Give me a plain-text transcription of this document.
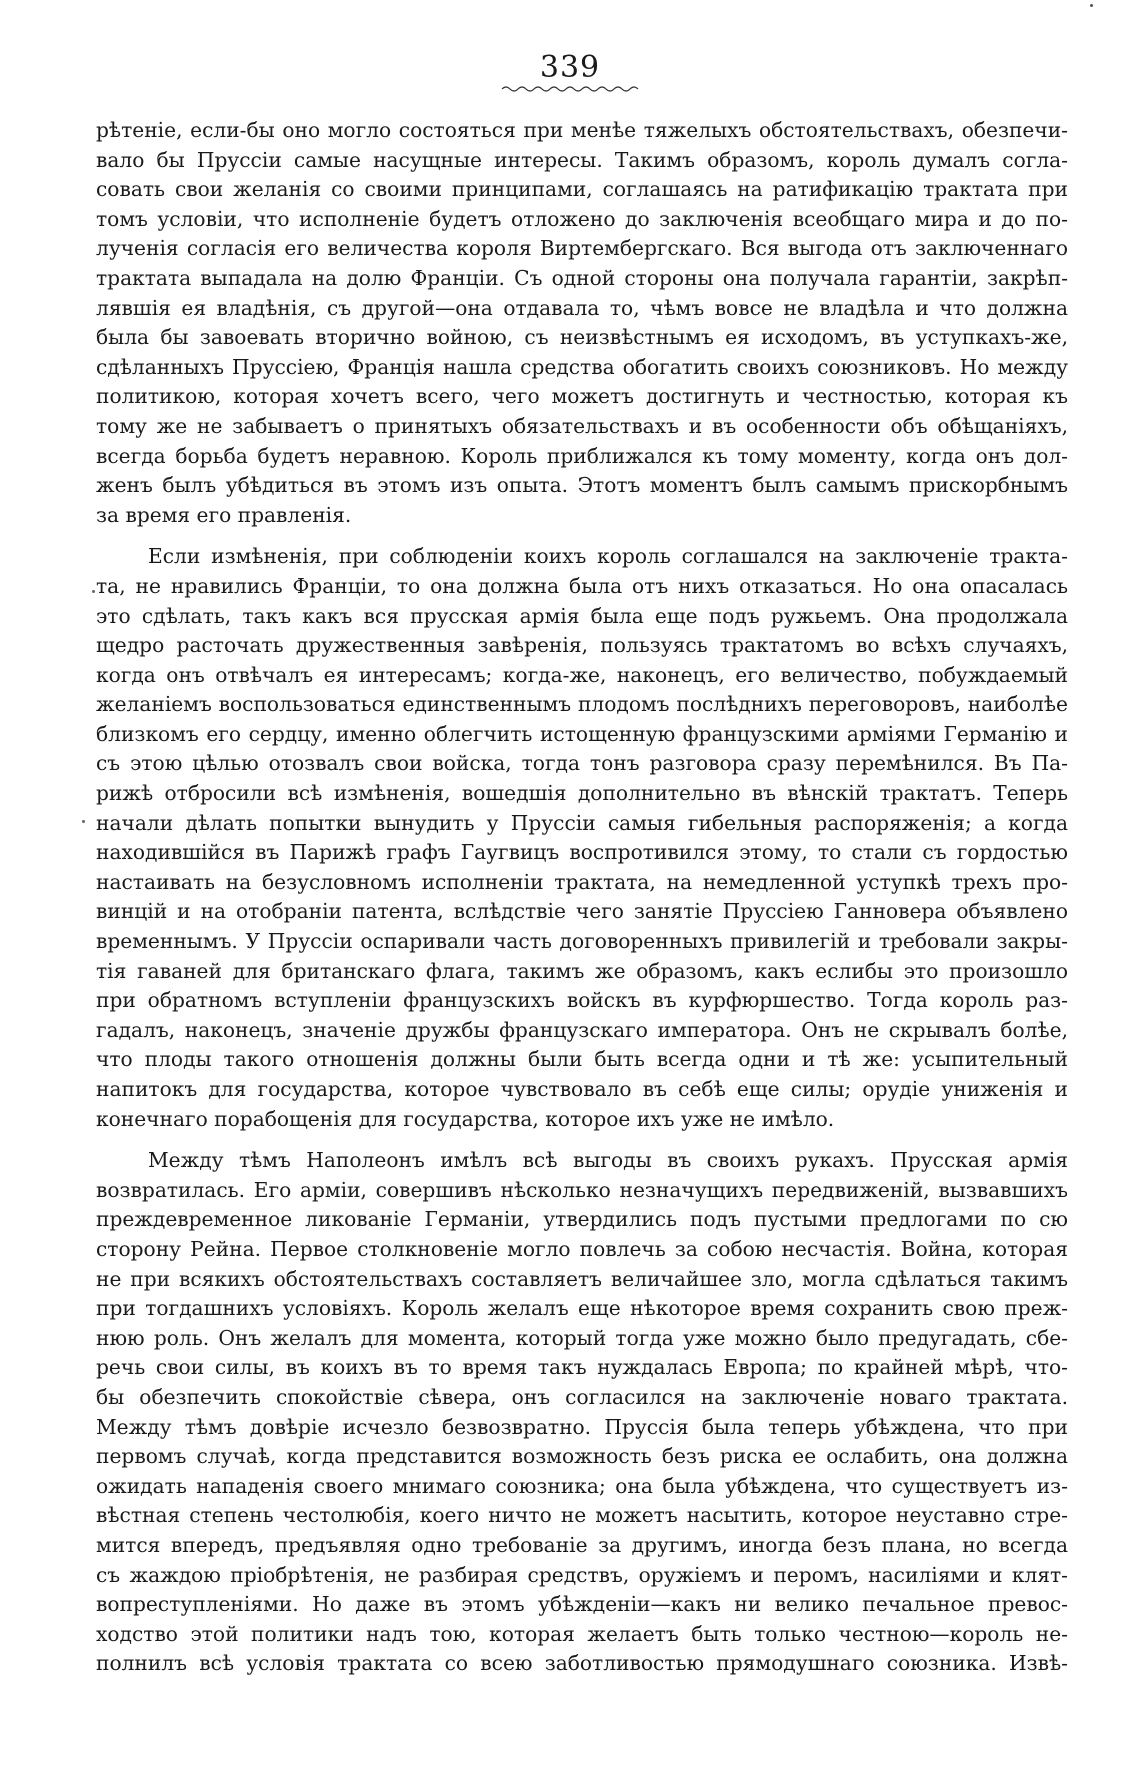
339

рѣтеніе, если-бы оно могло состояться при менѣе тяжелыхъ обстоятельствахъ, обезпечи-
вало бы Пруссіи самые насущные интересы. Такимъ образомъ, король думалъ согла-
совать свои желанія со своими принципами, соглашаясь на ратификацію трактата при
томъ условіи, что исполненіе будетъ отложено до заключенія всеобщаго мира и до по-
лученія согласія его величества короля Виртембергскаго. Вся выгода отъ заключеннаго
трактата выпадала на долю Франціи. Съ одной стороны она получала гарантіи, закрѣп-
лявшія ея владѣнія, съ другой—она отдавала то, чѣмъ вовсе не владѣла и что должна
была бы завоевать вторично войною, съ неизвѣстнымъ ея исходомъ, въ уступкахъ-же,
сдѣланныхъ Пруссіею, Франція нашла средства обогатить своихъ союзниковъ. Но между
политикою, которая хочетъ всего, чего можетъ достигнуть и честностью, которая къ
тому же не забываетъ о принятыхъ обязательствахъ и въ особенности объ обѣщаніяхъ,
всегда борьба будетъ неравною. Король приближался къ тому моменту, когда онъ дол-
женъ былъ убѣдиться въ этомъ изъ опыта. Этотъ моментъ былъ самымъ прискорбнымъ
за время его правленія.

Если измѣненія, при соблюденіи коихъ король соглашался на заключеніе тракта-
та, не нравились Франціи, то она должна была отъ нихъ отказаться. Но она опасалась
это сдѣлать, такъ какъ вся прусская армія была еще подъ ружьемъ. Она продолжала
щедро расточать дружественныя завѣренія, пользуясь трактатомъ во всѣхъ случаяхъ,
когда онъ отвѣчалъ ея интересамъ; когда-же, наконецъ, его величество, побуждаемый
желаніемъ воспользоваться единственнымъ плодомъ послѣднихъ переговоровъ, наиболѣе
близкомъ его сердцу, именно облегчить истощенную французскими арміями Германію и
съ этою цѣлью отозвалъ свои войска, тогда тонъ разговора сразу перемѣнился. Въ Па-
рижѣ отбросили всѣ измѣненія, вошедшія дополнительно въ вѣнскій трактатъ. Теперь
начали дѣлать попытки вынудить у Пруссіи самыя гибельныя распоряженія; а когда
находившійся въ Парижѣ графъ Гаугвицъ воспротивился этому, то стали съ гордостью
настаивать на безусловномъ исполненіи трактата, на немедленной уступкѣ трехъ про-
винцій и на отобраніи патента, вслѣдствіе чего занятіе Пруссіею Ганновера объявлено
временнымъ. У Пруссіи оспаривали часть договоренныхъ привилегій и требовали закры-
тія гаваней для британскаго флага, такимъ же образомъ, какъ еслибы это произошло
при обратномъ вступленіи французскихъ войскъ въ курфюршество. Тогда король раз-
гадалъ, наконецъ, значеніе дружбы французскаго императора. Онъ не скрывалъ болѣе,
что плоды такого отношенія должны были быть всегда одни и тѣ же: усыпительный
напитокъ для государства, которое чувствовало въ себѣ еще силы; орудіе униженія и
конечнаго порабощенія для государства, которое ихъ уже не имѣло.

Между тѣмъ Наполеонъ имѣлъ всѣ выгоды въ своихъ рукахъ. Прусская армія
возвратилась. Его арміи, совершивъ нѣсколько незначущихъ передвиженій, вызвавшихъ
преждевременное ликованіе Германіи, утвердились подъ пустыми предлогами по сю
сторону Рейна. Первое столкновеніе могло повлечь за собою несчастія. Война, которая
не при всякихъ обстоятельствахъ составляетъ величайшее зло, могла сдѣлаться такимъ
при тогдашнихъ условіяхъ. Король желалъ еще нѣкоторое время сохранить свою преж-
нюю роль. Онъ желалъ для момента, который тогда уже можно было предугадать, сбе-
речь свои силы, въ коихъ въ то время такъ нуждалась Европа; по крайней мѣрѣ, что-
бы обезпечить спокойствіе сѣвера, онъ согласился на заключеніе новаго трактата.
Между тѣмъ довѣріе исчезло безвозвратно. Пруссія была теперь убѣждена, что при
первомъ случаѣ, когда представится возможность безъ риска ее ослабить, она должна
ожидать нападенія своего мнимаго союзника; она была убѣждена, что существуетъ из-
вѣстная степень честолюбія, коего ничто не можетъ насытить, которое неуставно стре-
мится впередъ, предъявляя одно требованіе за другимъ, иногда безъ плана, но всегда
съ жаждою пріобрѣтенія, не разбирая средствъ, оружіемъ и перомъ, насиліями и клят-
вопреступленіями. Но даже въ этомъ убѣжденіи—какъ ни велико печальное превос-
ходство этой политики надъ тою, которая желаетъ быть только честною—король не-
полнилъ всѣ условія трактата со всею заботливостью прямодушнаго союзника. Извѣ-
